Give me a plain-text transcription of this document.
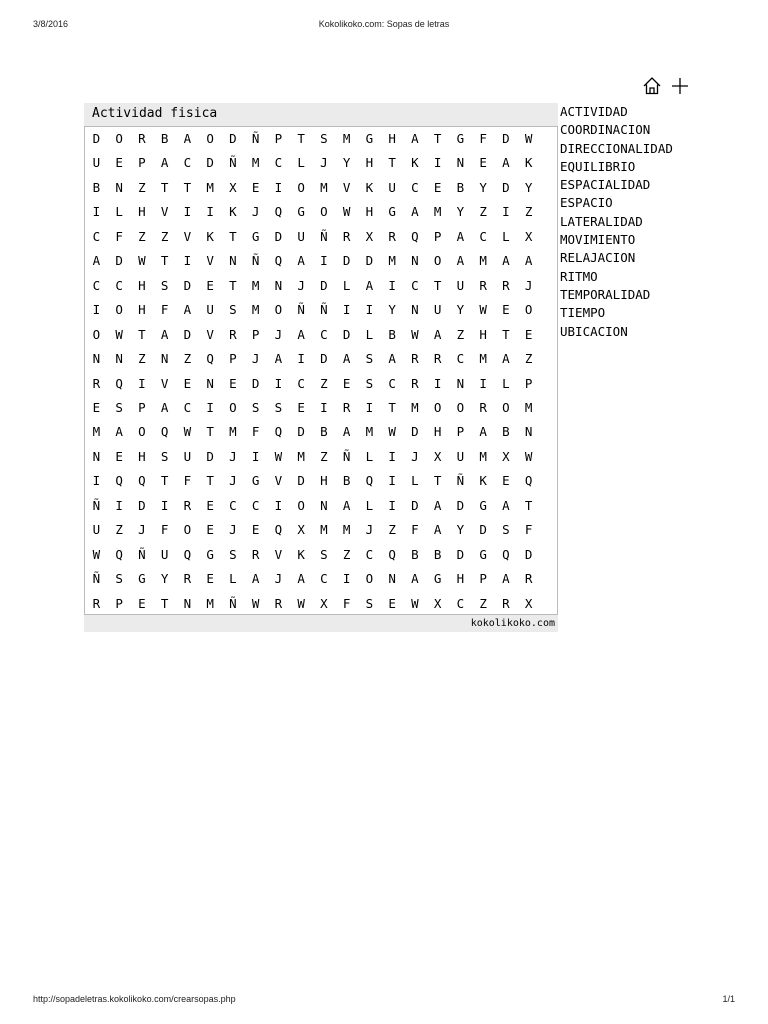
3/8/2016	Kokolikoko.com: Sopas de letras
Actividad fisica
D	O	R	B	A	O	D	Ñ	P	T	S	M	G	H	A	T	G	F	D	W
U	E	P	A	C	D	Ñ	M	C	L	J	Y	H	T	K	I	N	E	A	K
B	N	Z	T	T	M	X	E	I	O	M	V	K	U	C	E	B	Y	D	Y
I	L	H	V	I	I	K	J	Q	G	O	W	H	G	A	M	Y	Z	I	Z
C	F	Z	Z	V	K	T	G	D	U	Ñ	R	X	R	Q	P	A	C	L	X
A	D	W	T	I	V	N	Ñ	Q	A	I	D	D	M	N	O	A	M	A	A
C	C	H	S	D	E	T	M	N	J	D	L	A	I	C	T	U	R	R	J
I	O	H	F	A	U	S	M	O	Ñ	Ñ	I	I	Y	N	U	Y	W	E	O
O	W	T	A	D	V	R	P	J	A	C	D	L	B	W	A	Z	H	T	E
N	N	Z	N	Z	Q	P	J	A	I	D	A	S	A	R	R	C	M	A	Z
R	Q	I	V	E	N	E	D	I	C	Z	E	S	C	R	I	N	I	L	P
E	S	P	A	C	I	O	S	S	E	I	R	I	T	M	O	O	R	O	M
M	A	O	Q	W	T	M	F	Q	D	B	A	M	W	D	H	P	A	B	N
N	E	H	S	U	D	J	I	W	M	Z	Ñ	L	I	J	X	U	M	X	W
I	Q	Q	T	F	T	J	G	V	D	H	B	Q	I	L	T	Ñ	K	E	Q
Ñ	I	D	I	R	E	C	C	I	O	N	A	L	I	D	A	D	G	A	T
U	Z	J	F	O	E	J	E	Q	X	M	M	J	Z	F	A	Y	D	S	F
W	Q	Ñ	U	Q	G	S	R	V	K	S	Z	C	Q	B	B	D	G	Q	D
Ñ	S	G	Y	R	E	L	A	J	A	C	I	O	N	A	G	H	P	A	R
R	P	E	T	N	M	Ñ	W	R	W	X	F	S	E	W	X	C	Z	R	X
kokolikoko.com
ACTIVIDAD
COORDINACION
DIRECCIONALIDAD
EQUILIBRIO
ESPACIALIDAD
ESPACIO
LATERALIDAD
MOVIMIENTO
RELAJACION
RITMO
TEMPORALIDAD
TIEMPO
UBICACION
http://sopadeletras.kokolikoko.com/crearsopas.php	1/1
